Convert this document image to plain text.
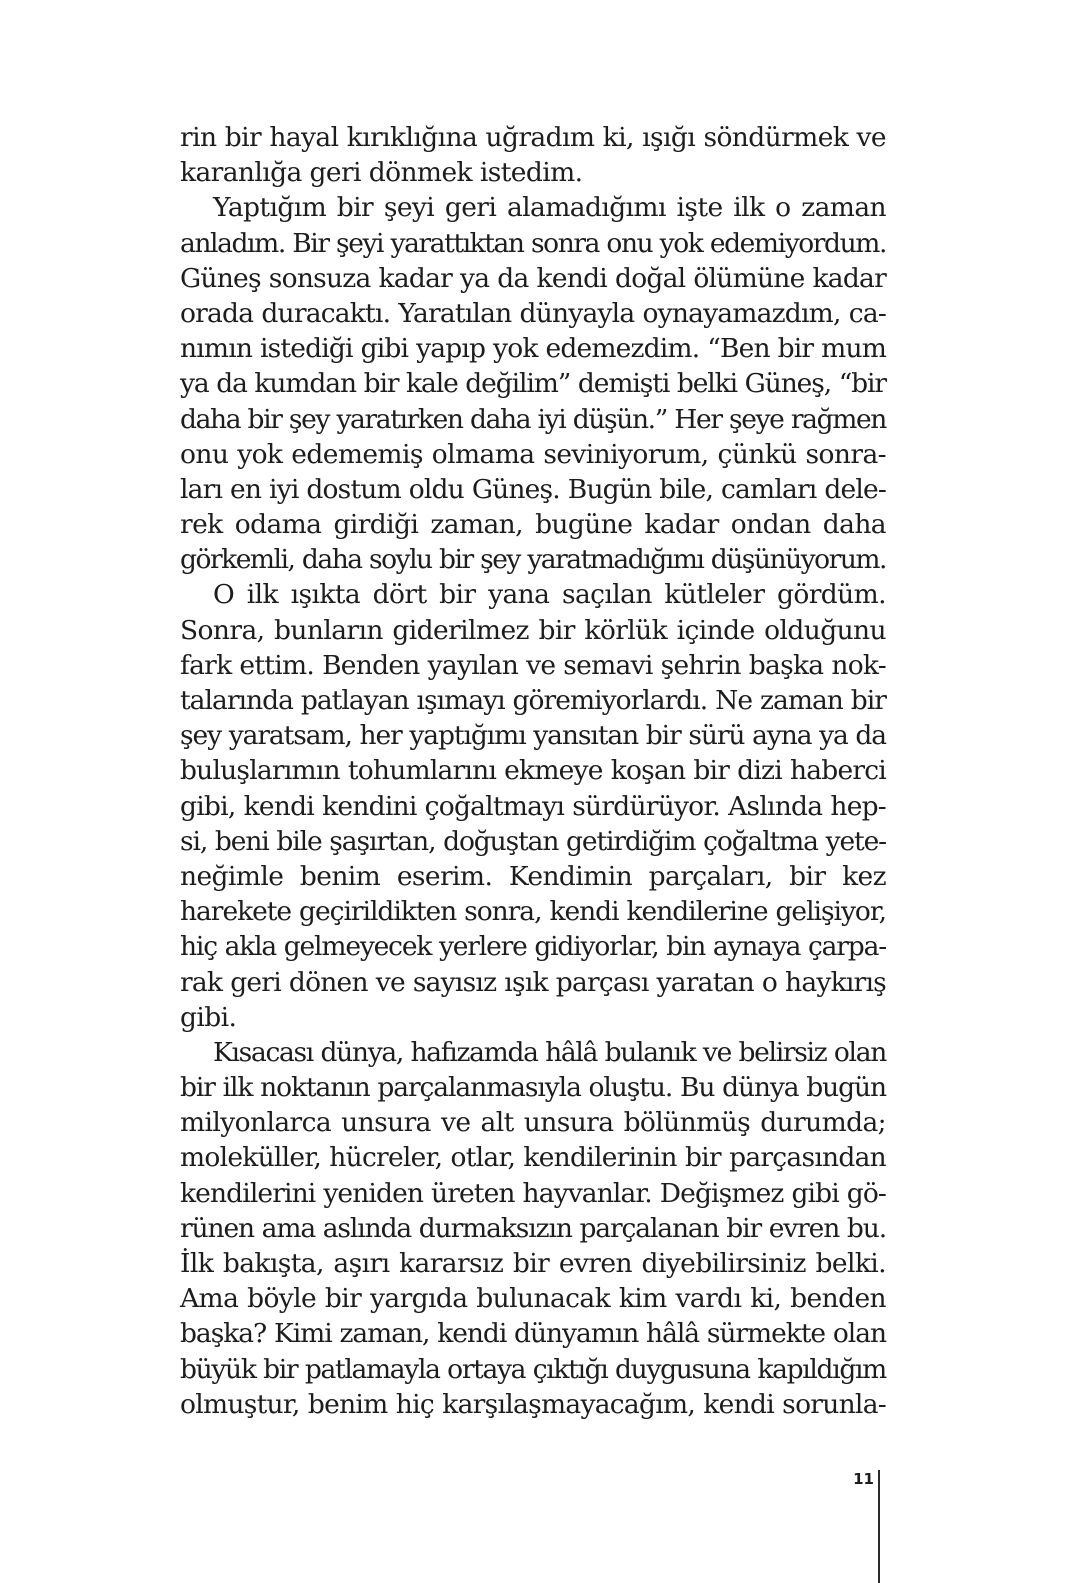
rin bir hayal kırıklığına uğradım ki, ışığı söndürmek ve
karanlığa geri dönmek istedim.
Yaptığım bir şeyi geri alamadığımı işte ilk o zaman
anladım. Bir şeyi yarattıktan sonra onu yok edemiyordum.
Güneş sonsuza kadar ya da kendi doğal ölümüne kadar
orada duracaktı. Yaratılan dünyayla oynayamazdım, ca-
nımın istediği gibi yapıp yok edemezdim. “Ben bir mum
ya da kumdan bir kale değilim” demişti belki Güneş, “bir
daha bir şey yaratırken daha iyi düşün.” Her şeye rağmen
onu yok edememiş olmama seviniyorum, çünkü sonra-
ları en iyi dostum oldu Güneş. Bugün bile, camları dele-
rek odama girdiği zaman, bugüne kadar ondan daha
görkemli, daha soylu bir şey yaratmadığımı düşünüyorum.
O ilk ışıkta dört bir yana saçılan kütleler gördüm.
Sonra, bunların giderilmez bir körlük içinde olduğunu
fark ettim. Benden yayılan ve semavi şehrin başka nok-
talarında patlayan ışımayı göremiyorlardı. Ne zaman bir
şey yaratsam, her yaptığımı yansıtan bir sürü ayna ya da
buluşlarımın tohumlarını ekmeye koşan bir dizi haberci
gibi, kendi kendini çoğaltmayı sürdürüyor. Aslında hep-
si, beni bile şaşırtan, doğuştan getirdiğim çoğaltma yete-
neğimle benim eserim. Kendimin parçaları, bir kez
harekete geçirildikten sonra, kendi kendilerine gelişiyor,
hiç akla gelmeyecek yerlere gidiyorlar, bin aynaya çarpa-
rak geri dönen ve sayısız ışık parçası yaratan o haykırış
gibi.
Kısacası dünya, hafızamda hâlâ bulanık ve belirsiz olan
bir ilk noktanın parçalanmasıyla oluştu. Bu dünya bugün
milyonlarca unsura ve alt unsura bölünmüş durumda;
moleküller, hücreler, otlar, kendilerinin bir parçasından
kendilerini yeniden üreten hayvanlar. Değişmez gibi gö-
rünen ama aslında durmaksızın parçalanan bir evren bu.
İlk bakışta, aşırı kararsız bir evren diyebilirsiniz belki.
Ama böyle bir yargıda bulunacak kim vardı ki, benden
başka? Kimi zaman, kendi dünyamın hâlâ sürmekte olan
büyük bir patlamayla ortaya çıktığı duygusuna kapıldığım
olmuştur, benim hiç karşılaşmayacağım, kendi sorunla-
11
